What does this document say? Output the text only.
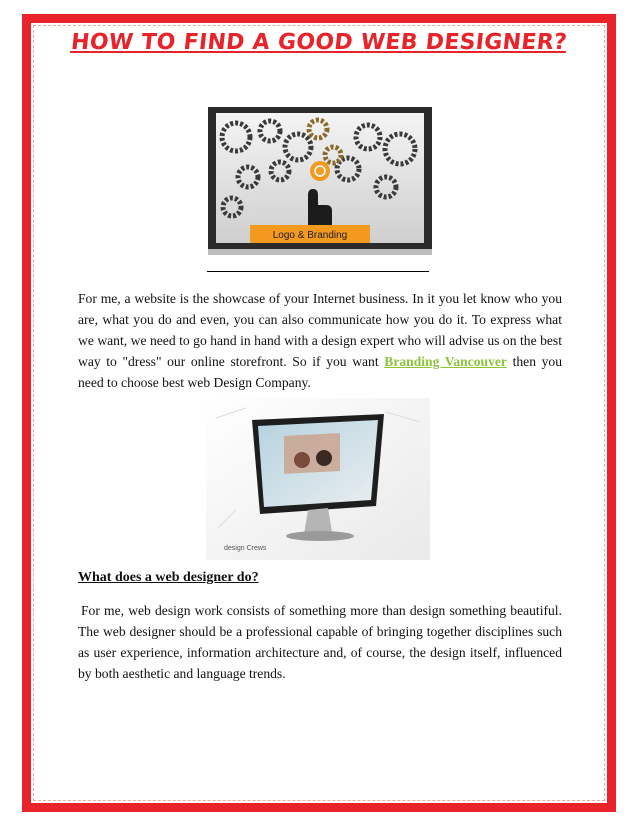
HOW TO FIND A GOOD WEB DESIGNER?
Logo & Branding

For me, a website is the showcase of your Internet business. In it you let know who you are, what you do and even, you can also communicate how you do it. To express what we want, we need to go hand in hand with a design expert who will advise us on the best way to "dress" our online storefront. So if you want Branding Vancouver then you need to choose best web Design Company.

design Crews
What does a web designer do?

For me, web design work consists of something more than design something beautiful. The web designer should be a professional capable of bringing together disciplines such as user experience, information architecture and, of course, the design itself, influenced by both aesthetic and language trends.
